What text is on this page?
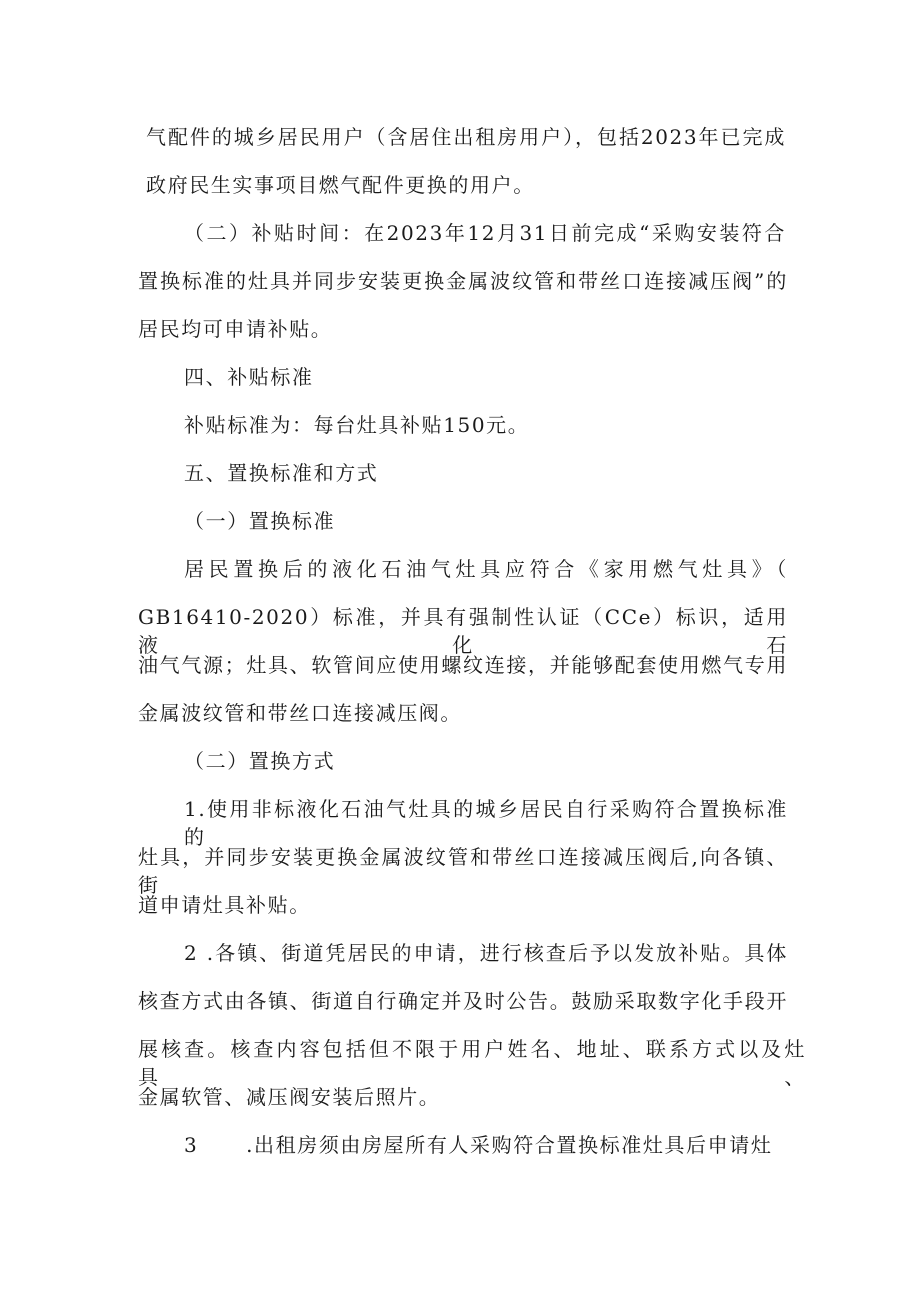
气配件的城乡居民用户（含居住出租房用户），包括2023年已完成
政府民生实事项目燃气配件更换的用户。
（二）补贴时间：在2023年12月31日前完成“采购安装符合
置换标准的灶具并同步安装更换金属波纹管和带丝口连接减压阀”的
居民均可申请补贴。
四、补贴标准
补贴标准为：每台灶具补贴150元。
五、置换标准和方式
（一）置换标准
居民置换后的液化石油气灶具应符合《家用燃气灶具》（
GB16410-2020）标准，并具有强制性认证（CCe）标识，适用液化石
油气气源；灶具、软管间应使用螺纹连接，并能够配套使用燃气专用
金属波纹管和带丝口连接减压阀。
（二）置换方式
1.使用非标液化石油气灶具的城乡居民自行采购符合置换标准的
灶具，并同步安装更换金属波纹管和带丝口连接减压阀后,向各镇、街
道申请灶具补贴。
2 .各镇、街道凭居民的申请，进行核查后予以发放补贴。具体
核查方式由各镇、街道自行确定并及时公告。鼓励采取数字化手段开
展核查。核查内容包括但不限于用户姓名、地址、联系方式以及灶具、
金属软管、减压阀安装后照片。
3      .出租房须由房屋所有人采购符合置换标准灶具后申请灶
